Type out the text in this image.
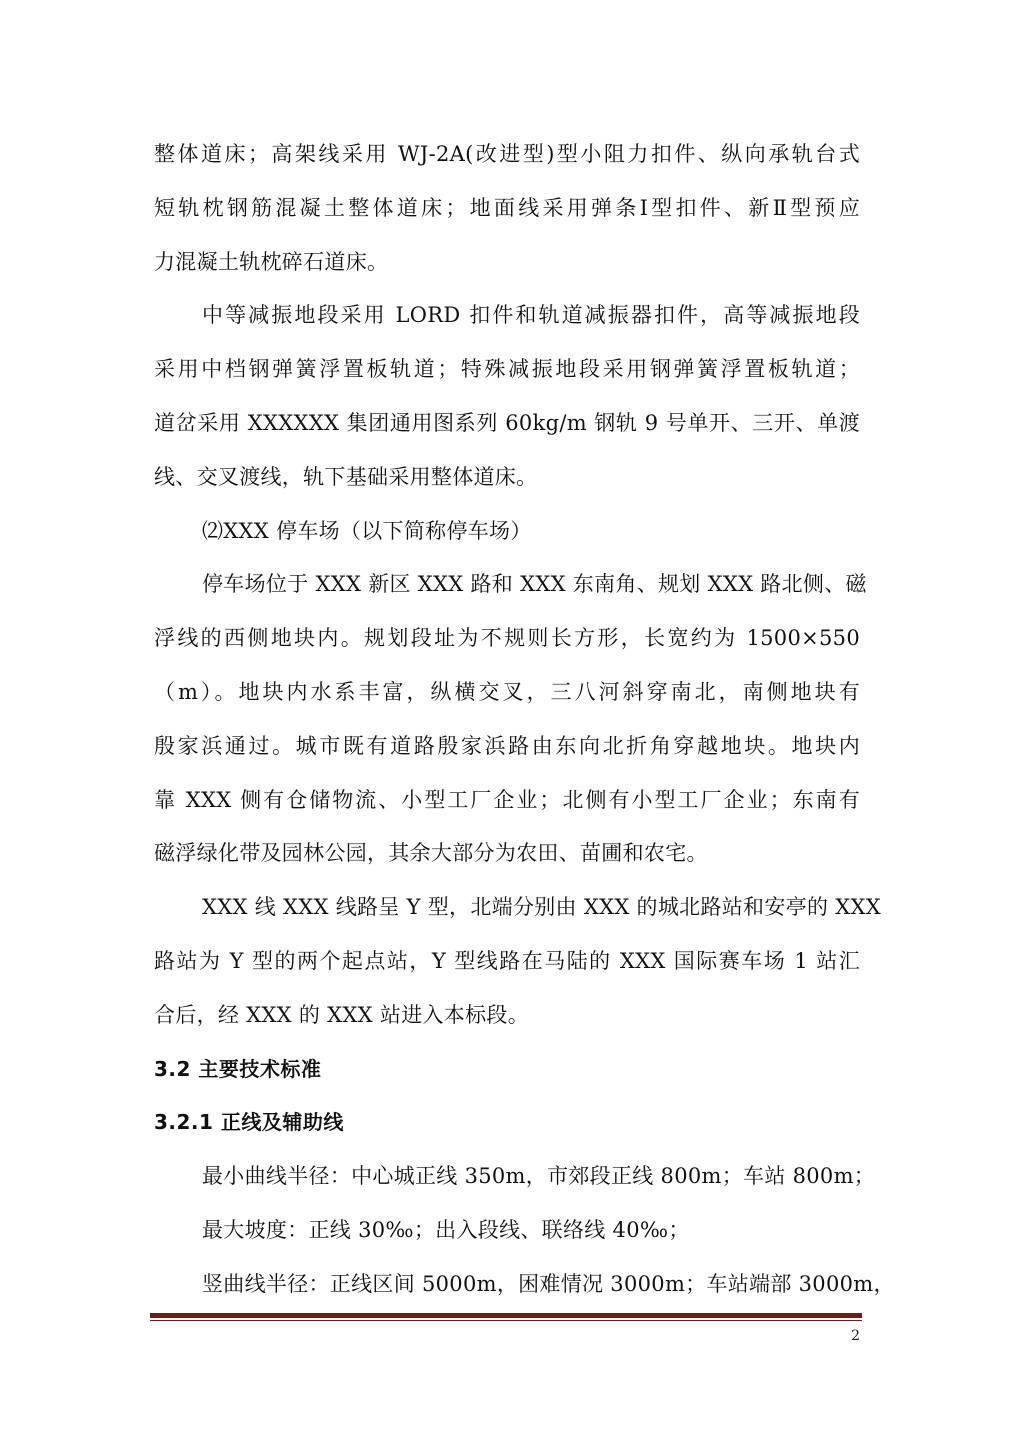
整体道床；高架线采用 WJ-2A(改进型)型小阻力扣件、纵向承轨台式
短轨枕钢筋混凝土整体道床；地面线采用弹条Ⅰ型扣件、新Ⅱ型预应
力混凝土轨枕碎石道床。

中等减振地段采用 LORD 扣件和轨道减振器扣件，高等减振地段
采用中档钢弹簧浮置板轨道；特殊减振地段采用钢弹簧浮置板轨道；
道岔采用 XXXXXX 集团通用图系列 60kg/m 钢轨 9 号单开、三开、单渡
线、交叉渡线，轨下基础采用整体道床。

⑵XXX 停车场（以下简称停车场）

停车场位于 XXX 新区 XXX 路和 XXX 东南角、规划 XXX 路北侧、磁
浮线的西侧地块内。规划段址为不规则长方形，长宽约为 1500×550
（m）。地块内水系丰富，纵横交叉，三八河斜穿南北，南侧地块有
殷家浜通过。城市既有道路殷家浜路由东向北折角穿越地块。地块内
靠 XXX 侧有仓储物流、小型工厂企业；北侧有小型工厂企业；东南有
磁浮绿化带及园林公园，其余大部分为农田、苗圃和农宅。

XXX 线 XXX 线路呈 Y 型，北端分别由 XXX 的城北路站和安亭的 XXX
路站为 Y 型的两个起点站，Y 型线路在马陆的 XXX 国际赛车场 1 站汇
合后，经 XXX 的 XXX 站进入本标段。

3.2 主要技术标准
3.2.1 正线及辅助线

最小曲线半径：中心城正线 350m，市郊段正线 800m；车站 800m；
最大坡度：正线 30‰；出入段线、联络线 40‰；
竖曲线半径：正线区间 5000m，困难情况 3000m；车站端部 3000m，

2
